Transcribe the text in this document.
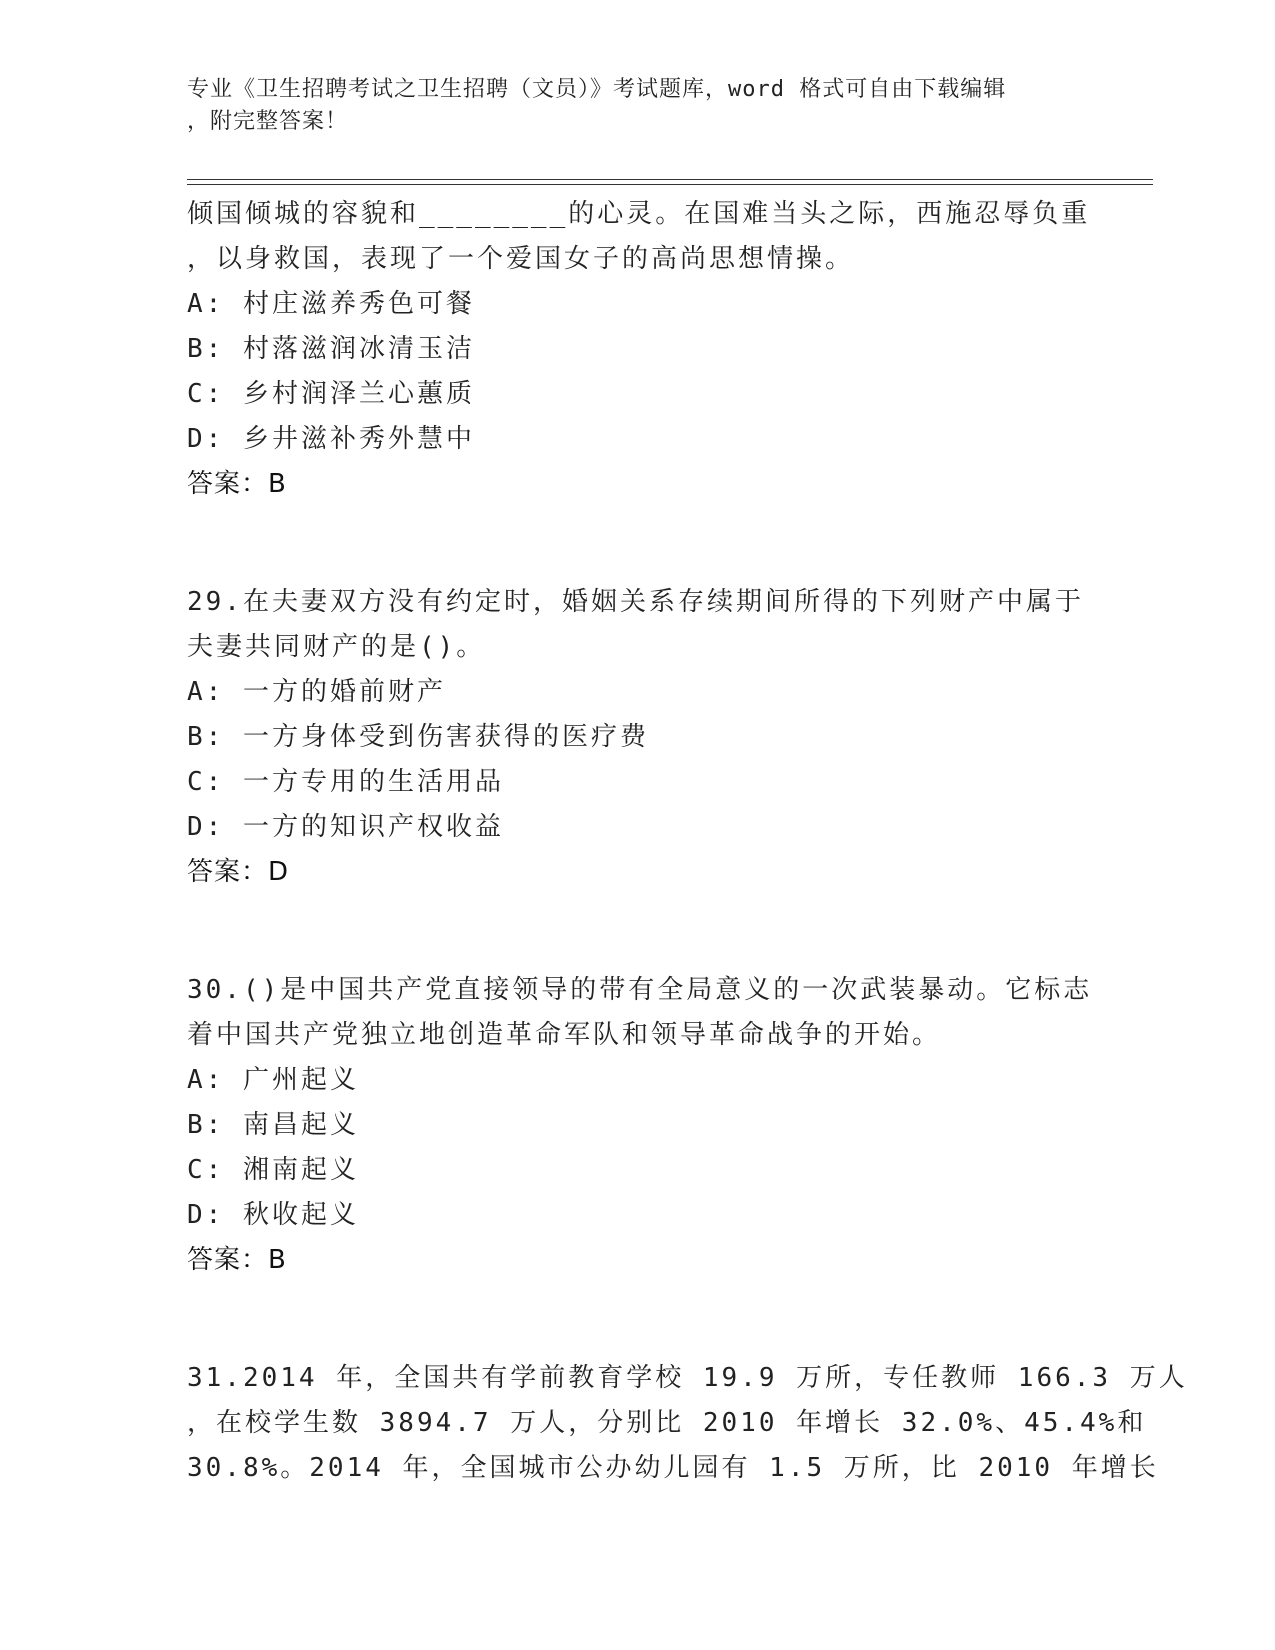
专业《卫生招聘考试之卫生招聘（文员）》考试题库，word 格式可自由下载编辑
，附完整答案！
倾国倾城的容貌和________的心灵。在国难当头之际，西施忍辱负重
，以身救国，表现了一个爱国女子的高尚思想情操。
A: 村庄滋养秀色可餐
B: 村落滋润冰清玉洁
C: 乡村润泽兰心蕙质
D: 乡井滋补秀外慧中
答案：B
29.在夫妻双方没有约定时，婚姻关系存续期间所得的下列财产中属于
夫妻共同财产的是()。
A: 一方的婚前财产
B: 一方身体受到伤害获得的医疗费
C: 一方专用的生活用品
D: 一方的知识产权收益
答案：D
30.()是中国共产党直接领导的带有全局意义的一次武装暴动。它标志
着中国共产党独立地创造革命军队和领导革命战争的开始。
A: 广州起义
B: 南昌起义
C: 湘南起义
D: 秋收起义
答案：B
31.2014 年，全国共有学前教育学校 19.9 万所，专任教师 166.3 万人
，在校学生数 3894.7 万人，分别比 2010 年增长 32.0%、45.4%和
30.8%。2014 年，全国城市公办幼儿园有 1.5 万所，比 2010 年增长
